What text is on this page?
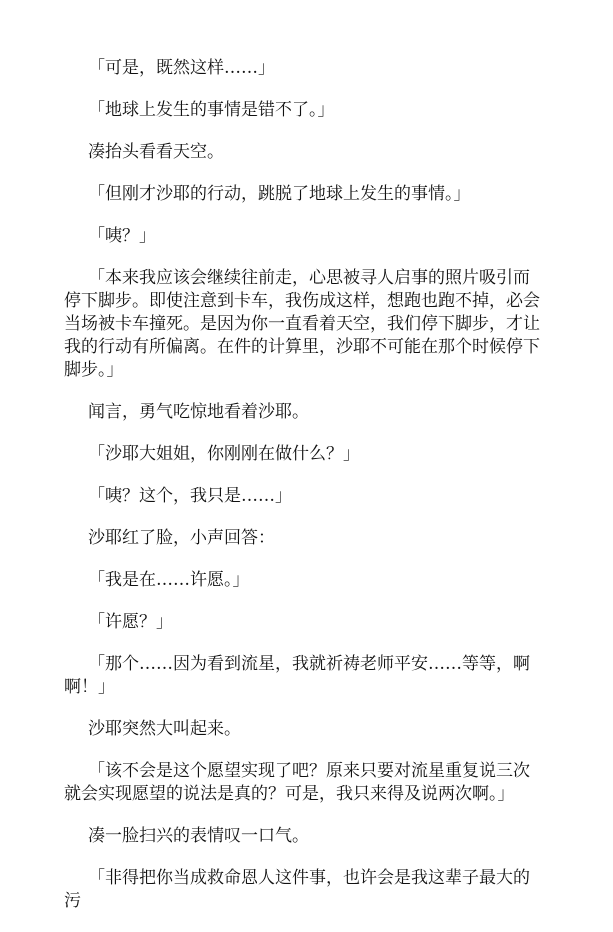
「可是，既然这样……」

「地球上发生的事情是错不了。」

凑抬头看看天空。

「但刚才沙耶的行动，跳脱了地球上发生的事情。」

「咦？」

「本来我应该会继续往前走，心思被寻人启事的照片吸引而停下脚步。即使注意到卡车，我伤成这样，想跑也跑不掉，必会当场被卡车撞死。是因为你一直看着天空，我们停下脚步，才让我的行动有所偏离。在件的计算里，沙耶不可能在那个时候停下脚步。」

闻言，勇气吃惊地看着沙耶。

「沙耶大姐姐，你刚刚在做什么？」

「咦？这个，我只是……」

沙耶红了脸，小声回答：

「我是在……许愿。」

「许愿？」

「那个……因为看到流星，我就祈祷老师平安……等等，啊啊！」

沙耶突然大叫起来。

「该不会是这个愿望实现了吧？原来只要对流星重复说三次就会实现愿望的说法是真的？可是，我只来得及说两次啊。」

凑一脸扫兴的表情叹一口气。

「非得把你当成救命恩人这件事，也许会是我这辈子最大的污
